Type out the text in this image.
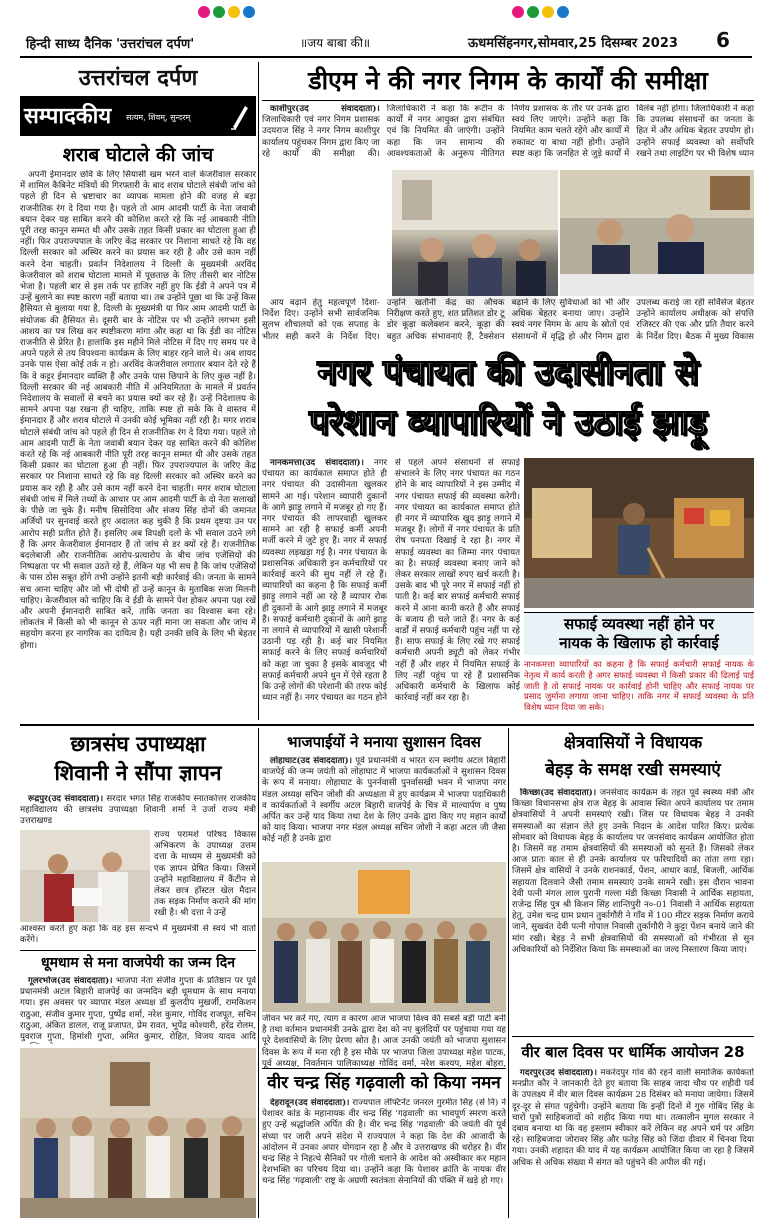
हिन्दी साध्य दैनिक 'उत्तरांचल दर्पण'	॥जय बाबा की॥	ऊधमसिंहनगर,सोमवार,25 दिसम्बर 2023 6
उत्तरांचल दर्पण
सम्पादकीय सत्यम, शिवम्, सुन्दरम्
शराब घोटाले की जांच

अपनी ईमानदार छवि के लिए सियासी खम भरने वाले केजरीवाल सरकार में शामिल कैबिनेट मंत्रियों की गिरफ्तारी के बाद शराब घोटाले संबंधी जांच को पहले ही दिन से भ्रष्टाचार का व्यापक मामला होने की वजह से बड़ा राजनीतिक रंग दे दिया गया है। पहले तो आम आदमी पार्टी के नेता जवाबी बयान देकर यह साबित करने की कोशिश करते रहे कि नई आबकारी नीति पूरी तरह कानून सम्मत थी और उसके तहत किसी प्रकार का घोटाला हुआ ही नहीं। फिर उपराज्यपाल के जरिए केंद्र सरकार पर निशाना साधते रहे कि वह दिल्ली सरकार को अस्थिर करने का प्रयास कर रही है और उसे काम नहीं करने देना चाहती। प्रवर्तन निदेशालय ने दिल्ली के मुख्यमंत्री अरविंद केजरीवाल को शराब घोटाला मामले में पूछताछ के लिए तीसरी बार नोटिस भेजा है। पहली बार से इस तर्क पर हाजिर नहीं हुए कि ईडी ने अपने पत्र में उन्हें बुलाने का स्पष्ट कारण नहीं बताया था। तब उन्होंने पूछा था कि उन्हें किस हैसियत से बुलाया गया है, दिल्ली के मुख्यमंत्री या फिर आम आदमी पार्टी के संयोजक की हैसियत से। दूसरी बार के नोटिस पर भी उन्होंने लगभग इसी आशय का पत्र लिख कर स्पष्टीकरण मांगा और कहा था कि ईडी का नोटिस राजनीति से प्रेरित है। हालांकि इस महीने मिले नोटिस में दिए गए समय पर वे अपने पहले से तय विपश्यना कार्यक्रम के लिए बाहर रहने वाले थे। अब शायद उनके पास ऐसा कोई तर्क न हो। अरविंद केजरीवाल लगातार बयान देते रहे हैं कि वे कट्टर ईमानदार व्यक्ति हैं और उनके पास छिपाने के लिए कुछ नहीं है। दिल्ली सरकार की नई आबकारी नीति में अनियमितता के मामले में प्रवर्तन निदेशालय के सवालों से बचने का प्रयास क्यों कर रहे हैं। उन्हें निदेशालय के सामने अपना पक्ष रखना ही चाहिए, ताकि स्पष्ट हो सके कि वे वास्तव में ईमानदार हैं और शराब घोटाले में उनकी कोई भूमिका नहीं रही है। मगर शराब घोटाले संबंधी जांच को पहले ही दिन से राजनीतिक रंग दे दिया गया। पहले तो आम आदमी पार्टी के नेता जवाबी बयान देकर यह साबित करने की कोशिश करते रहे कि नई आबकारी नीति पूरी तरह कानून सम्मत थी और उसके तहत किसी प्रकार का घोटाला हुआ ही नहीं। फिर उपराज्यपाल के जरिए केंद्र सरकार पर निशाना साधते रहे कि वह दिल्ली सरकार को अस्थिर करने का प्रयास कर रही है और उसे काम नहीं करने देना चाहती। मगर शराब घोटाला संबंधी जांच में मिले तथ्यों के आधार पर आम आदमी पार्टी के दो नेता सलाखों के पीछे जा चुके हैं। मनीष सिसोदिया और संजय सिंह दोनों की जमानत अर्जियों पर सुनवाई करते हुए अदालत कह चुकी है कि प्रथम दृष्टया उन पर आरोप सही प्रतीत होते हैं। इसलिए अब विपक्षी दलों के भी सवाल उठने लगे हैं कि अगर केजरीवाल ईमानदार हैं तो जांच से डर क्यों रहे हैं। राजनीतिक बदलेबाजी और राजनीतिक आरोप-प्रत्यारोप के बीच जांच एजेंसियों की निष्पक्षता पर भी सवाल उठते रहे हैं, लेकिन यह भी सच है कि जांच एजेंसियों के पास ठोस सबूत होंगे तभी उन्होंने इतनी बड़ी कार्रवाई की। जनता के सामने सच आना चाहिए और जो भी दोषी हों उन्हें कानून के मुताबिक सजा मिलनी चाहिए। केजरीवाल को चाहिए कि वे ईडी के सामने पेश होकर अपना पक्ष रखें और अपनी ईमानदारी साबित करें, ताकि जनता का विश्वास बना रहे। लोकतंत्र में किसी को भी कानून से ऊपर नहीं माना जा सकता और जांच में सहयोग करना हर नागरिक का दायित्व है। यही उनकी छवि के लिए भी बेहतर होगा।

डीएम ने की नगर निगम के कार्यों की समीक्षा

काशीपुर(उद संवाददाता)। जिलाधिकारी एवं नगर निगम प्रशासक उदयराज सिंह ने नगर निगम काशीपुर कार्यालय पहुंचकर निगम द्वारा किए जा रहे कार्यों की समीक्षा की। जिलाधिकारी ने कहा कि रूटीन के कार्यों में नगर आयुक्त द्वारा संबंधित एवं कि नियमित की जाएंगी। उन्होंने कहा कि जन सामान्य की आवश्यकताओं के अनुरूप नीतिगत निर्णय प्रशासक के तौर पर उनके द्वारा स्वयं लिए जाएंगे। उन्होंने कहा कि नियमित काम चलते रहेंगे और कार्यों में रुकावट या बाधा नहीं होगी। उन्होंने स्पष्ट कहा कि जनहित से जुड़े कार्यों में विलंब नहीं होगा। जिलाधिकारी ने कहा कि उपलब्ध संसाधनों का जनता के हित में और अधिक बेहतर उपयोग हो। उन्होंने सफाई व्यवस्था को सर्वोपरि रखने तथा लाइटिंग पर भी विशेष ध्यान

आय बढ़ाने हेतु महत्वपूर्ण दिशा-निर्देश दिए। उन्होंने सभी सार्वजनिक सुलभ शौचालयों को एक सप्ताह के भीतर सही करने के निर्देश दिए। उन्होंने खतौनी केंद्र का औचक निरीक्षण करते हुए, शत प्रतिशत डोर टू डोर कूड़ा कलेक्शन करने, कूड़ा की बहुत अधिक संभावनाएं हैं, टैक्सेशन बढ़ाने के लिए सुविधाओं को भी और अधिक बेहतर बनाया जाए। उन्होंने स्वयं नगर निगम के आय के स्रोतों एवं संसाधनों में वृद्धि हो और निगम द्वारा उपलब्ध कराई जा रही सर्विसेज बेहतर उन्होंने कार्यालय अधीक्षक को संपत्ति रजिस्टर की एक और प्रति तैयार करने के निर्देश दिए। बैठक में मुख्य विकास

नगर पंचायत की उदासीनता से
परेशान व्यापारियों ने उठाई झाड़ू

नानकमत्ता(उद संवाददाता)। नगर पंचायत का कार्यकाल समाप्त होते ही नगर पंचायत की उदासीनता खुलकर सामने आ गई। परेशान व्यापारी दुकानों के आगे झाड़ू लगाने में मजबूर हो गए हैं। नगर पंचायत की लापरवाही खुलकर सामने आ रही है सफाई कर्मी अपनी मर्जी करने में जुटे हुए हैं। नगर में सफाई व्यवस्था लड़खड़ा गई है। नगर पंचायत के प्रशासनिक अधिकारी इन कर्मचारियों पर कार्रवाई करने की सुध नहीं ले रहे हैं। व्यापारियों का कहना है कि सफाई कर्मी झाड़ू लगाने नहीं आ रहे हैं व्यापार रोक ही दुकानों के आगे झाड़ू लगाने में मजबूर हैं। सफाई कर्मचारी दुकानों के आगे झाड़ू ना लगाने से व्यापारियों में खासी परेशानी उठानी पड़ रही है। कई बार नियमित सफाई करने के लिए सफाई कर्मचारियों को कहा जा चुका है इसके बावजूद भी सफाई कर्मचारी अपने धुन में ऐसे रहता है कि उन्हें लोगों की परेशानी की तरफ कोई ध्यान नहीं है। नगर पंचायत का गठन होने से पहले अपने संसाधनों से सफाई संभालने के लिए नगर पंचायत का गठन होने के बाद व्यापारियों ने इस उम्मीद में नगर पंचायत सफाई की व्यवस्था करेगी। नगर पंचायत का कार्यकाल समाप्त होते ही नगर में व्यापारिक खुद झाड़ू लगाने में मजबूर हैं। लोगों में नगर पंचायत के प्रति रोष पनपता दिखाई दे रहा है। नगर में सफाई व्यवस्था का जिम्मा नगर पंचायत का है। सफाई व्यवस्था बनाए जाने को लेकर सरकार लाखों रुपए खर्च करती है। उसके बाद भी पूरे नगर में सफाई नहीं हो पाती है। कई बार सफाई कर्मचारी सफाई करने में आना कानी करते हैं और सफाई के बजाय ही चले जाते हैं। नगर के कई वार्डों में सफाई कर्मचारी पहुंच नहीं पा रहे हैं। साफ सफाई के लिए रखे गए सफाई कर्मचारी अपनी ड्यूटी को लेकर गंभीर नहीं हैं और शहर में नियमित सफाई के लिए नहीं पहुंच पा रहे हैं प्रशासनिक अधिकारी कर्मचारी के खिलाफ कोई कार्रवाई नहीं कर रहा है।

सफाई व्यवस्था नहीं होने पर
नायक के खिलाफ हो कार्रवाई
नानकमत्ता व्यापारियों का कहना है कि सफाई कर्मचारी सफाई नायक के नेतृत्व में कार्य करती है अगर सफाई व्यवस्था में किसी प्रकार की ढिलाई पाई जाती है तो सफाई नायक पर कार्रवाई होनी चाहिए और सफाई नायक पर प्रसाद जुर्माना लगाया जाना चाहिए। ताकि नगर में सफाई व्यवस्था के प्रति विशेष ध्यान दिया जा सके।
छात्रसंघ उपाध्यक्षा
शिवानी ने सौंपा ज्ञापन

रूद्रपुर(उद संवाददाता)। सरदार भगत सिंह राजकीय स्नातकोत्तर राजकीय महाविद्यालय की छात्रसंघ उपाध्यक्षा शिवानी शर्मा ने उर्जा राज्य मंत्री उत्तराखण्ड

राज्य परामर्श परिषद विकास अभिकरण के उपाध्यक्ष उत्तम दत्ता के माध्यम से मुख्यमंत्री को एक ज्ञापन प्रेषित किया। जिसमें उन्होंने महाविद्यालय में कैंटीन से लेकर छात्र हॉस्टल खेल मैदान तक सड़क निर्माण कराने की मांग रखी है। श्री दत्ता ने उन्हें
आश्वस्त करते हुए कहा कि वह इस सन्दर्भ में मुख्यमंत्री से स्वयं भी वार्ता करेंगे।
धूमधाम से मना वाजपेयी का जन्म दिन

गूलरभोज(उद संवाददाता)। भाजपा नेता संजीव गुप्ता के प्रतिष्ठान पर पूर्व प्रधानमंत्री अटल बिहारी वाजपेई का जन्मदिन बड़ी धूमधाम के साथ मनाया गया। इस अवसर पर व्यापार मंडल अध्यक्ष डॉ कुलदीप मुखर्जी, रामकिशन राठुआ, संजीव कुमार गुप्ता, पुष्पेंद्र शर्मा, नरेश कुमार, गोविंद राजपूत, सचिन राठुआ, अंकित डालल, राजू प्रजापत, प्रेम रावत, भूपेंद्र कोश्यारी, हरेंद्र रोलम, युवराज गुप्ता, हिमांशी गुप्ता, अमित कुमार, रोहित, विजय यादव आदि

भाजपाईयों ने मनाया सुशासन दिवस

लोहाघाट(उद संवाददाता)। पूर्व प्रधानमंत्री व भारत रत्न स्वर्गीय अटल बिहारी वाजपेई की जन्म जयंती को लोहाघाट में भाजपा कार्यकर्ताओं ने सुशासन दिवस के रूप में मनाया। लोहाघाट के पुनर्नवासी पुनर्वासखी भवन में भाजपा नगर मंडल अध्यक्ष सचिन जोशी की अध्यक्षता में हुए कार्यक्रम में भाजपा पदाधिकारी व कार्यकर्ताओं ने स्वर्गीय अटल बिहारी वाजपेई के चित्र में माल्यार्पण व पुष्प अर्पित कर उन्हें याद किया तथा देश के लिए उनके द्वारा किए गए महान कार्यों को याद किया। भाजपा नगर मंडल अध्यक्ष सचिन जोशी ने कहा अटल जी जैसा कोई नहीं है उनके द्वारा

जीवन भर करें गए, त्याग व कारण आज भाजपा विश्व की सबसे बड़ी पार्टी बनी है तथा वर्तमान प्रधानमंत्री उनके द्वारा देश को नए बुलंदियों पर पहुंचाया गया यह पूरे देशवासियों के लिए प्रेरणा स्रोत है। आज उनकी जयंती को भाजपा सुशासन दिवस के रूप में मना रही है इस मौके पर भाजपा जिला उपाध्यक्ष महेश पाटक, पूर्व अध्यक्ष, निवर्तमान पालिकाध्यक्ष गोविंद वर्मा, नरेश कश्यप, महेश बोहरा,
वीर चन्द्र सिंह गढ़वाली को किया नमन

देहरादून(उद संवाददाता)। राज्यपाल लेफ्टिनेंट जनरल गुरमीत सिंह (से नि) ने पेशावर कांड के महानायक वीर चन्द्र सिंह 'गढ़वाली' का भावपूर्ण स्मरण करते हुए उन्हें श्रद्धांजलि अर्पित की है। वीर चन्द्र सिंह 'गढ़वाली' की जयंती की पूर्व संध्या पर जारी अपने संदेश में राज्यपाल ने कहा कि देश की आजादी के आंदोलन में उनका अपार योगदान रहा है और वे उत्तराखण्ड की धरोहर है। वीर चन्द्र सिंह ने निहत्थे सैनिकों पर गोली चलाने के आदेश को अस्वीकार कर महान देशभक्ति का परिचय दिया था। उन्होंने कहा कि पेशावर क्रांति के नायक वीर चन्द्र सिंह 'गढ़वाली' राष्ट्र के अग्रणी स्वतंत्रता सेनानियों की पंक्ति में खड़े हो गए।

क्षेत्रवासियों ने विधायक
बेहड़ के समक्ष रखी समस्याएं

किच्छा(उद संवाददाता)। जनसंवाद कार्यक्रम के तहत पूर्व स्वस्थ्य मंत्री और किच्छा विधानसभा क्षेत्र राज बेहड़ के आवास स्थित अपने कार्यालय पर तमाम क्षेत्रवासियों ने अपनी समस्याएं रखी। जिस पर विधायक बेहड़ ने उनकी समस्याओं का संज्ञान लेते हुए उनके निदान के आदेश पारित किए। प्रत्येक सोमवार को विधायक बेहड़ के कार्यालय पर जनसंवाद कार्यक्रम आयोजित होता है। जिसमें वह तमाम क्षेत्रवासियों की समस्याओं को सुनते हैं। जिसको लेकर आज प्रातः काल से ही उनके कार्यालय पर फरियादियों का तांता लगा रहा। जिसमें क्षेत्र वासियों ने उनके राशनकार्ड, पेंशन, आधार कार्ड, बिजली, आर्थिक सहायता दिलवाने जैसी तमाम समस्याएं उनके सामने रखी। इस दौरान भावना देवी पत्नी मंगल लाल पुरानी गल्ला मंडी किच्छा निवासी ने आर्थिक सहायता, राजेन्द्र सिंह पुत्र श्री किशन सिंह शान्तिपुरी न०-01 निवासी ने आर्थिक सहायता हेतु, उमेश चन्द्र ग्राम प्रधान तुर्कागौरी ने गाँव में 100 मीटर सड़क निर्माण कराये जाने, सुखवंत देवी पत्नी गोपाल निवासी तुर्कागौरी ने कुट्टा पेंशन बनाये जाने की मांग रखी। बेहड़ ने सभी क्षेत्रवासियों की समस्याओं को गंभीरता से सुन अधिकारियों को निर्देशित किया कि समस्याओं का जल्द निस्तारण किया जाए।

वीर बाल दिवस पर धार्मिक आयोजन 28

गदरपुर(उद संवाददाता)। मकरंदपुर गांव की रहने वाली समाजिक कार्यकर्ता मनप्रीत कौर ने जानकारी देते हुए बताया कि साहब जादा चौथ पर शहीदी पर्व के उपलक्ष्य में वीर बाल दिवस कार्यक्रम 28 दिसंबर को मनाया जायेगा। जिसमें दूर-दूर से संगत पहुंचेगी। उन्होंने बताया कि इन्हीं दिनों में गुरु गोबिंद सिंह के चारों पुत्रों साहिबजादों को शहीद किया गया था। तत्कालीन मुगल सरकार ने दबाव बनाया था कि वह इस्लाम स्वीकार करें लेकिन वह अपने धर्म पर अडिग रहे। साहिबजादा जोरावर सिंह और फतेह सिंह को जिंदा दीवार में चिनवा दिया गया। उनकी शहादत की याद में यह कार्यक्रम आयोजित किया जा रहा है जिसमें अधिक से अधिक संख्या में संगत को पहुंचने की अपील की गई।
